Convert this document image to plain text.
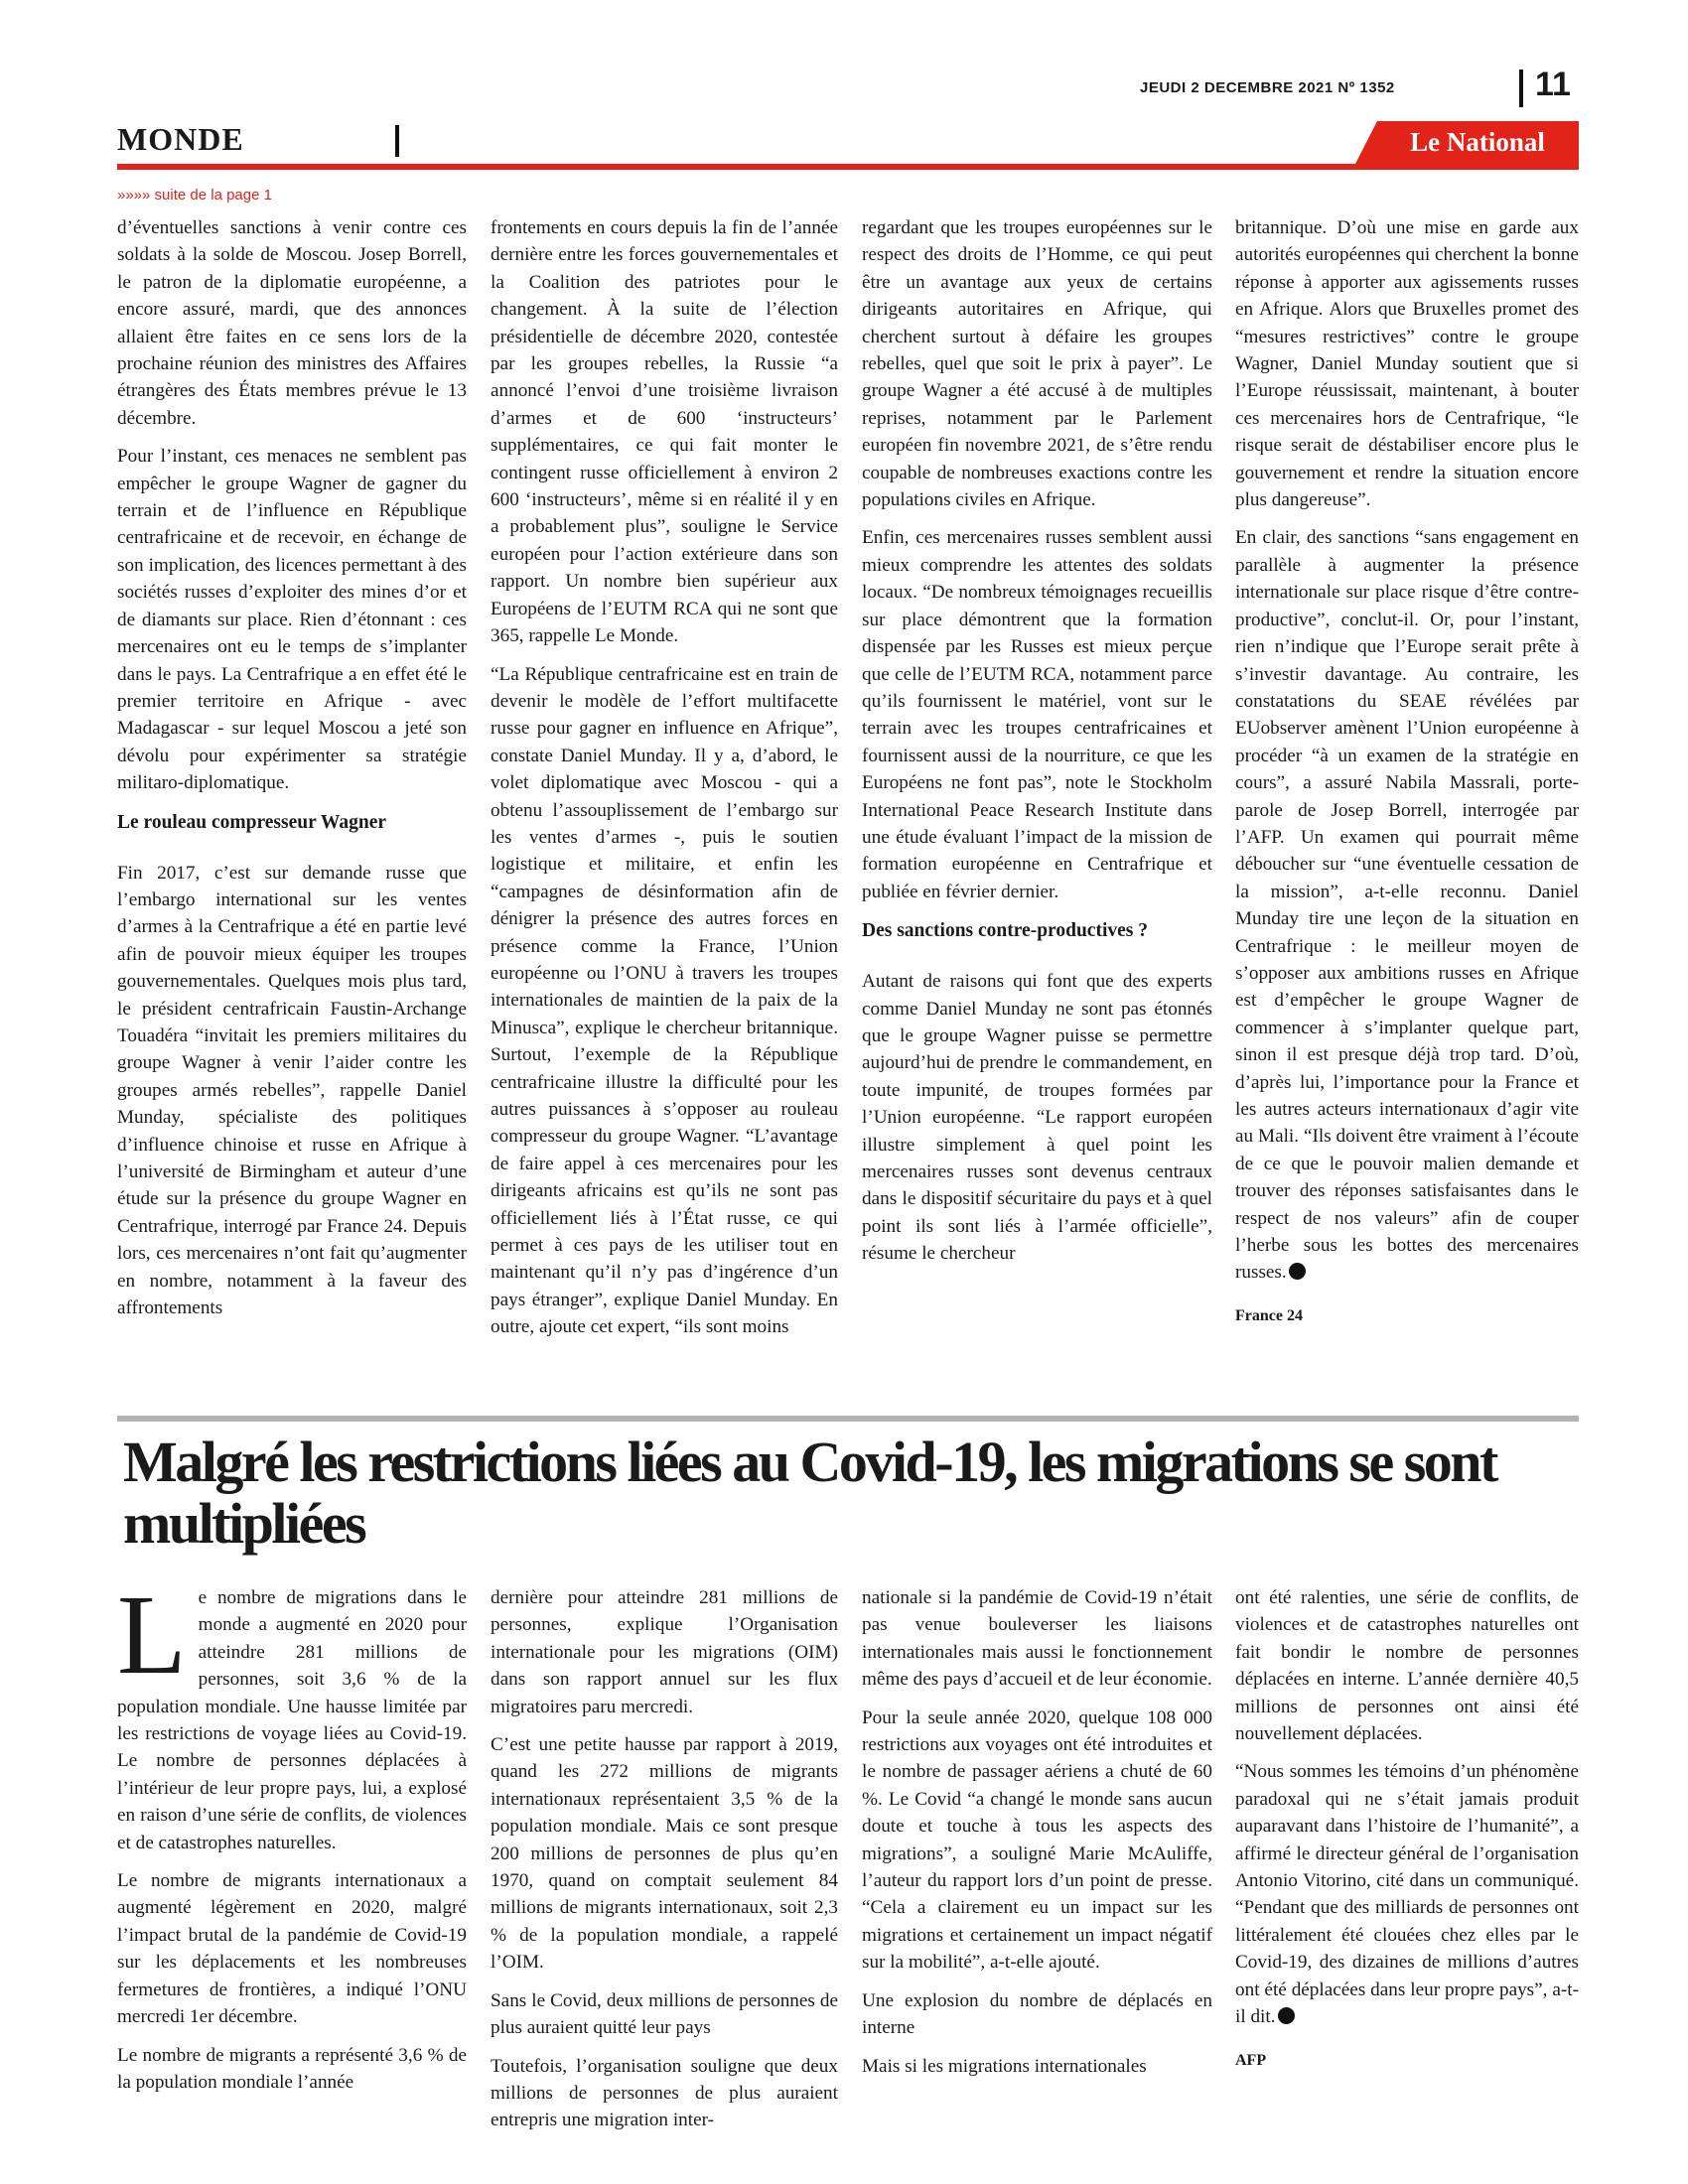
JEUDI 2 DECEMBRE 2021 Nº 1352	11
MONDE	Le National
»»»» suite de la page 1

d’éventuelles sanctions à venir contre ces soldats à la solde de Moscou. Josep Borrell, le patron de la diplomatie européenne, a encore assuré, mardi, que des annonces allaient être faites en ce sens lors de la prochaine réunion des ministres des Affaires étrangères des États membres prévue le 13 décembre.

Pour l’instant, ces menaces ne semblent pas empêcher le groupe Wagner de gagner du terrain et de l’influence en République centrafricaine et de recevoir, en échange de son implication, des licences permettant à des sociétés russes d’exploiter des mines d’or et de diamants sur place. Rien d’étonnant : ces mercenaires ont eu le temps de s’implanter dans le pays. La Centrafrique a en effet été le premier territoire en Afrique - avec Madagascar - sur lequel Moscou a jeté son dévolu pour expérimenter sa stratégie militaro-diplomatique.

Le rouleau compresseur Wagner

Fin 2017, c’est sur demande russe que l’embargo international sur les ventes d’armes à la Centrafrique a été en partie levé afin de pouvoir mieux équiper les troupes gouvernementales. Quelques mois plus tard, le président centrafricain Faustin-Archange Touadéra “invitait les premiers militaires du groupe Wagner à venir l’aider contre les groupes armés rebelles”, rappelle Daniel Munday, spécialiste des politiques d’influence chinoise et russe en Afrique à l’université de Birmingham et auteur d’une étude sur la présence du groupe Wagner en Centrafrique, interrogé par France 24. Depuis lors, ces mercenaires n’ont fait qu’augmenter en nombre, notamment à la faveur des affrontements

frontements en cours depuis la fin de l’année dernière entre les forces gouvernementales et la Coalition des patriotes pour le changement. À la suite de l’élection présidentielle de décembre 2020, contestée par les groupes rebelles, la Russie “a annoncé l’envoi d’une troisième livraison d’armes et de 600 ‘instructeurs’ supplémentaires, ce qui fait monter le contingent russe officiellement à environ 2 600 ‘instructeurs’, même si en réalité il y en a probablement plus”, souligne le Service européen pour l’action extérieure dans son rapport. Un nombre bien supérieur aux Européens de l’EUTM RCA qui ne sont que 365, rappelle Le Monde.

“La République centrafricaine est en train de devenir le modèle de l’effort multifacette russe pour gagner en influence en Afrique”, constate Daniel Munday. Il y a, d’abord, le volet diplomatique avec Moscou - qui a obtenu l’assouplissement de l’embargo sur les ventes d’armes -, puis le soutien logistique et militaire, et enfin les “campagnes de désinformation afin de dénigrer la présence des autres forces en présence comme la France, l’Union européenne ou l’ONU à travers les troupes internationales de maintien de la paix de la Minusca”, explique le chercheur britannique. Surtout, l’exemple de la République centrafricaine illustre la difficulté pour les autres puissances à s’opposer au rouleau compresseur du groupe Wagner. “L’avantage de faire appel à ces mercenaires pour les dirigeants africains est qu’ils ne sont pas officiellement liés à l’État russe, ce qui permet à ces pays de les utiliser tout en maintenant qu’il n’y pas d’ingérence d’un pays étranger”, explique Daniel Munday. En outre, ajoute cet expert, “ils sont moins

regardant que les troupes européennes sur le respect des droits de l’Homme, ce qui peut être un avantage aux yeux de certains dirigeants autoritaires en Afrique, qui cherchent surtout à défaire les groupes rebelles, quel que soit le prix à payer”. Le groupe Wagner a été accusé à de multiples reprises, notamment par le Parlement européen fin novembre 2021, de s’être rendu coupable de nombreuses exactions contre les populations civiles en Afrique.

Enfin, ces mercenaires russes semblent aussi mieux comprendre les attentes des soldats locaux. “De nombreux témoignages recueillis sur place démontrent que la formation dispensée par les Russes est mieux perçue que celle de l’EUTM RCA, notamment parce qu’ils fournissent le matériel, vont sur le terrain avec les troupes centrafricaines et fournissent aussi de la nourriture, ce que les Européens ne font pas”, note le Stockholm International Peace Research Institute dans une étude évaluant l’impact de la mission de formation européenne en Centrafrique et publiée en février dernier.

Des sanctions contre-productives ?

Autant de raisons qui font que des experts comme Daniel Munday ne sont pas étonnés que le groupe Wagner puisse se permettre aujourd’hui de prendre le commandement, en toute impunité, de troupes formées par l’Union européenne. “Le rapport européen illustre simplement à quel point les mercenaires russes sont devenus centraux dans le dispositif sécuritaire du pays et à quel point ils sont liés à l’armée officielle”, résume le chercheur

britannique. D’où une mise en garde aux autorités européennes qui cherchent la bonne réponse à apporter aux agissements russes en Afrique. Alors que Bruxelles promet des “mesures restrictives” contre le groupe Wagner, Daniel Munday soutient que si l’Europe réussissait, maintenant, à bouter ces mercenaires hors de Centrafrique, “le risque serait de déstabiliser encore plus le gouvernement et rendre la situation encore plus dangereuse”.

En clair, des sanctions “sans engagement en parallèle à augmenter la présence internationale sur place risque d’être contre-productive”, conclut-il. Or, pour l’instant, rien n’indique que l’Europe serait prête à s’investir davantage. Au contraire, les constatations du SEAE révélées par EUobserver amènent l’Union européenne à procéder “à un examen de la stratégie en cours”, a assuré Nabila Massrali, porte-parole de Josep Borrell, interrogée par l’AFP. Un examen qui pourrait même déboucher sur “une éventuelle cessation de la mission”, a-t-elle reconnu. Daniel Munday tire une leçon de la situation en Centrafrique : le meilleur moyen de s’opposer aux ambitions russes en Afrique est d’empêcher le groupe Wagner de commencer à s’implanter quelque part, sinon il est presque déjà trop tard. D’où, d’après lui, l’importance pour la France et les autres acteurs internationaux d’agir vite au Mali. “Ils doivent être vraiment à l’écoute de ce que le pouvoir malien demande et trouver des réponses satisfaisantes dans le respect de nos valeurs” afin de couper l’herbe sous les bottes des mercenaires russes.

France 24

Malgré les restrictions liées au Covid-19, les migrations se sont multipliées

Le nombre de migrations dans le monde a augmenté en 2020 pour atteindre 281 millions de personnes, soit 3,6 % de la population mondiale. Une hausse limitée par les restrictions de voyage liées au Covid-19. Le nombre de personnes déplacées à l’intérieur de leur propre pays, lui, a explosé en raison d’une série de conflits, de violences et de catastrophes naturelles.

Le nombre de migrants internationaux a augmenté légèrement en 2020, malgré l’impact brutal de la pandémie de Covid-19 sur les déplacements et les nombreuses fermetures de frontières, a indiqué l’ONU mercredi 1er décembre.

Le nombre de migrants a représenté 3,6 % de la population mondiale l’année

dernière pour atteindre 281 millions de personnes, explique l’Organisation internationale pour les migrations (OIM) dans son rapport annuel sur les flux migratoires paru mercredi.

C’est une petite hausse par rapport à 2019, quand les 272 millions de migrants internationaux représentaient 3,5 % de la population mondiale. Mais ce sont presque 200 millions de personnes de plus qu’en 1970, quand on comptait seulement 84 millions de migrants internationaux, soit 2,3 % de la population mondiale, a rappelé l’OIM.

Sans le Covid, deux millions de personnes de plus auraient quitté leur pays

Toutefois, l’organisation souligne que deux millions de personnes de plus auraient entrepris une migration inter-

nationale si la pandémie de Covid-19 n’était pas venue bouleverser les liaisons internationales mais aussi le fonctionnement même des pays d’accueil et de leur économie.

Pour la seule année 2020, quelque 108 000 restrictions aux voyages ont été introduites et le nombre de passager aériens a chuté de 60 %. Le Covid “a changé le monde sans aucun doute et touche à tous les aspects des migrations”, a souligné Marie McAuliffe, l’auteur du rapport lors d’un point de presse. “Cela a clairement eu un impact sur les migrations et certainement un impact négatif sur la mobilité”, a-t-elle ajouté.

Une explosion du nombre de déplacés en interne

Mais si les migrations internationales

ont été ralenties, une série de conflits, de violences et de catastrophes naturelles ont fait bondir le nombre de personnes déplacées en interne. L’année dernière 40,5 millions de personnes ont ainsi été nouvellement déplacées.

“Nous sommes les témoins d’un phénomène paradoxal qui ne s’était jamais produit auparavant dans l’histoire de l’humanité”, a affirmé le directeur général de l’organisation Antonio Vitorino, cité dans un communiqué. “Pendant que des milliards de personnes ont littéralement été clouées chez elles par le Covid-19, des dizaines de millions d’autres ont été déplacées dans leur propre pays”, a-t-il dit.

AFP
